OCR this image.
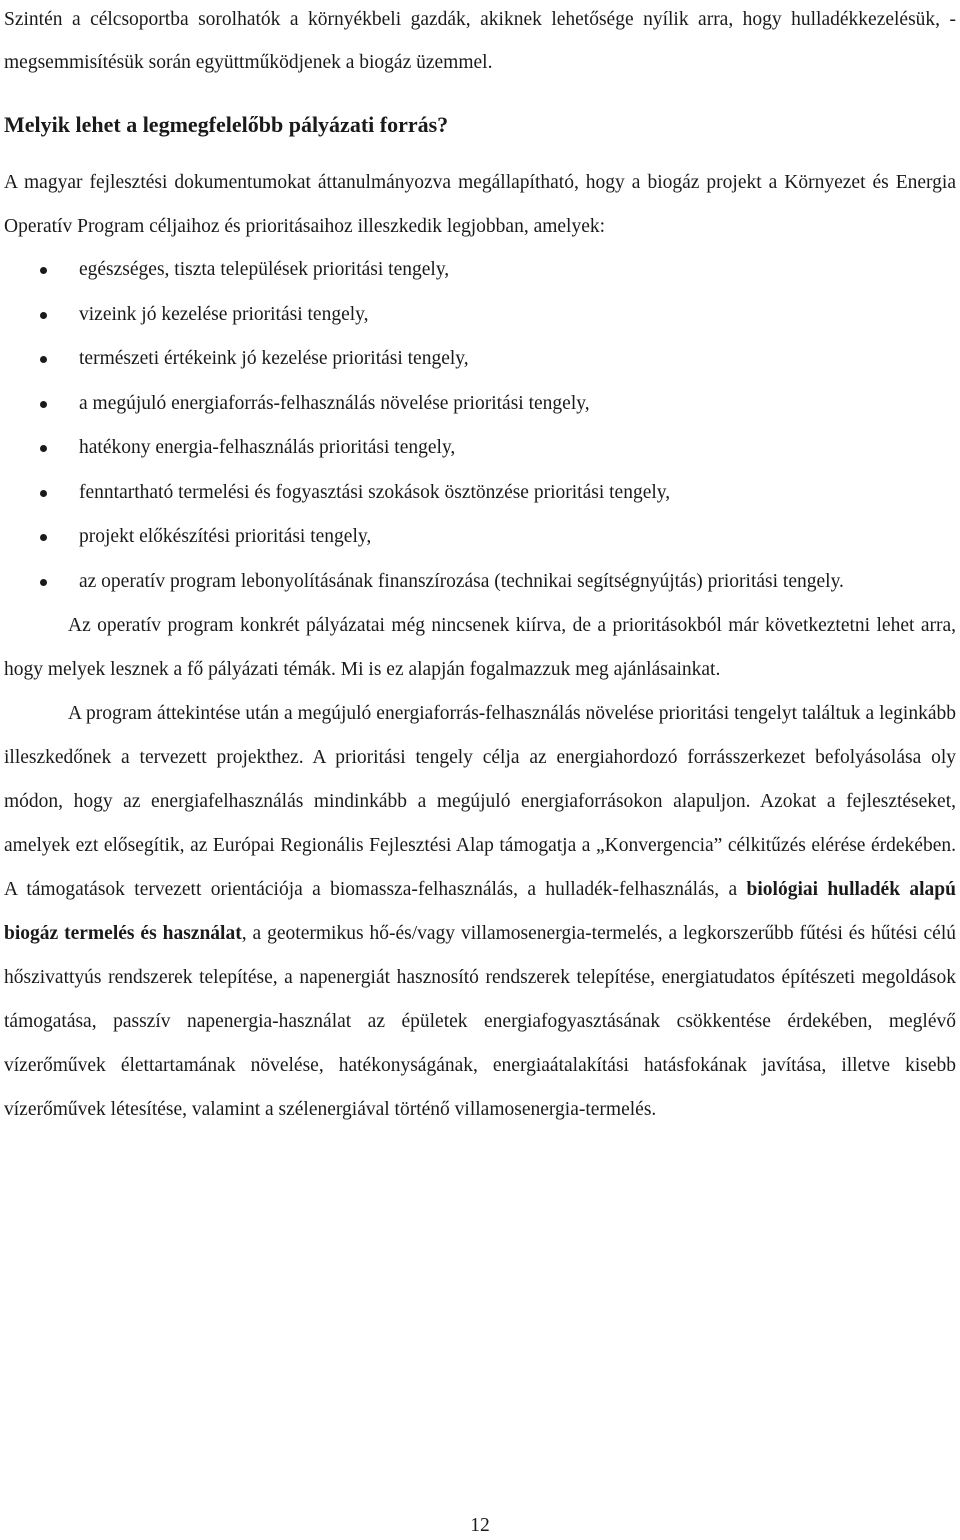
Szintén a célcsoportba sorolhatók a környékbeli gazdák, akiknek lehetősége nyílik arra, hogy hulladékkezelésük, -megsemmisítésük során együttműködjenek a biogáz üzemmel.

Melyik lehet a legmegfelelőbb pályázati forrás?

A magyar fejlesztési dokumentumokat áttanulmányozva megállapítható, hogy a biogáz projekt a Környezet és Energia Operatív Program céljaihoz és prioritásaihoz illeszkedik legjobban, amelyek:

egészséges, tiszta települések prioritási tengely,
vizeink jó kezelése prioritási tengely,
természeti értékeink jó kezelése prioritási tengely,
a megújuló energiaforrás-felhasználás növelése prioritási tengely,
hatékony energia-felhasználás prioritási tengely,
fenntartható termelési és fogyasztási szokások ösztönzése prioritási tengely,
projekt előkészítési prioritási tengely,
az operatív program lebonyolításának finanszírozása (technikai segítségnyújtás) prioritási tengely.

Az operatív program konkrét pályázatai még nincsenek kiírva, de a prioritásokból már következtetni lehet arra, hogy melyek lesznek a fő pályázati témák. Mi is ez alapján fogalmazzuk meg ajánlásainkat.

A program áttekintése után a megújuló energiaforrás-felhasználás növelése prioritási tengelyt találtuk a leginkább illeszkedőnek a tervezett projekthez. A prioritási tengely célja az energiahordozó forrásszerkezet befolyásolása oly módon, hogy az energiafelhasználás mindinkább a megújuló energiaforrásokon alapuljon. Azokat a fejlesztéseket, amelyek ezt elősegítik, az Európai Regionális Fejlesztési Alap támogatja a „Konvergencia” célkitűzés elérése érdekében. A támogatások tervezett orientációja a biomassza-felhasználás, a hulladék-felhasználás, a biológiai hulladék alapú biogáz termelés és használat, a geotermikus hő-és/vagy villamosenergia-termelés, a legkorszerűbb fűtési és hűtési célú hőszivattyús rendszerek telepítése, a napenergiát hasznosító rendszerek telepítése, energiatudatos építészeti megoldások támogatása, passzív napenergia-használat az épületek energiafogyasztásának csökkentése érdekében, meglévő vízerőművek élettartamának növelése, hatékonyságának, energiaátalakítási hatásfokának javítása, illetve kisebb vízerőművek létesítése, valamint a szélenergiával történő villamosenergia-termelés.

12
